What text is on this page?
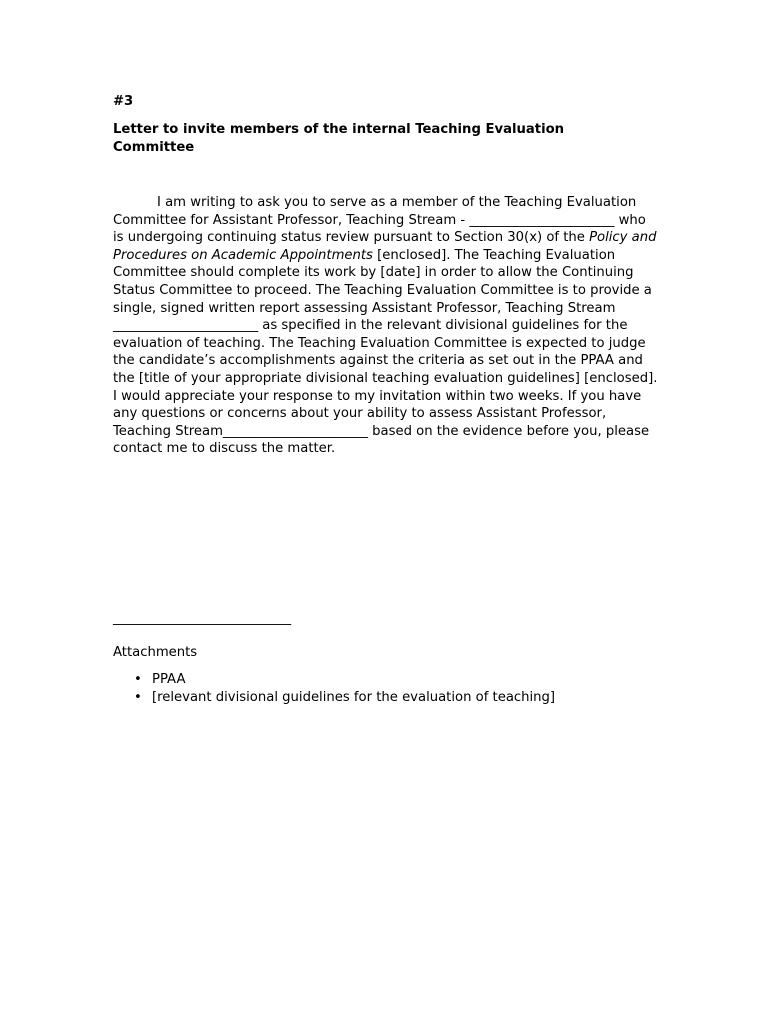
#3

Letter to invite members of the internal Teaching Evaluation Committee

I am writing to ask you to serve as a member of the Teaching Evaluation Committee for Assistant Professor, Teaching Stream - ______________________ who is undergoing continuing status review pursuant to Section 30(x) of the Policy and Procedures on Academic Appointments [enclosed]. The Teaching Evaluation Committee should complete its work by [date] in order to allow the Continuing Status Committee to proceed. The Teaching Evaluation Committee is to provide a single, signed written report assessing Assistant Professor, Teaching Stream ______________________ as specified in the relevant divisional guidelines for the evaluation of teaching. The Teaching Evaluation Committee is expected to judge the candidate’s accomplishments against the criteria as set out in the PPAA and the [title of your appropriate divisional teaching evaluation guidelines] [enclosed]. I would appreciate your response to my invitation within two weeks. If you have any questions or concerns about your ability to assess Assistant Professor, Teaching Stream______________________ based on the evidence before you, please contact me to discuss the matter.

___________________________

Attachments

• PPAA
• [relevant divisional guidelines for the evaluation of teaching]
